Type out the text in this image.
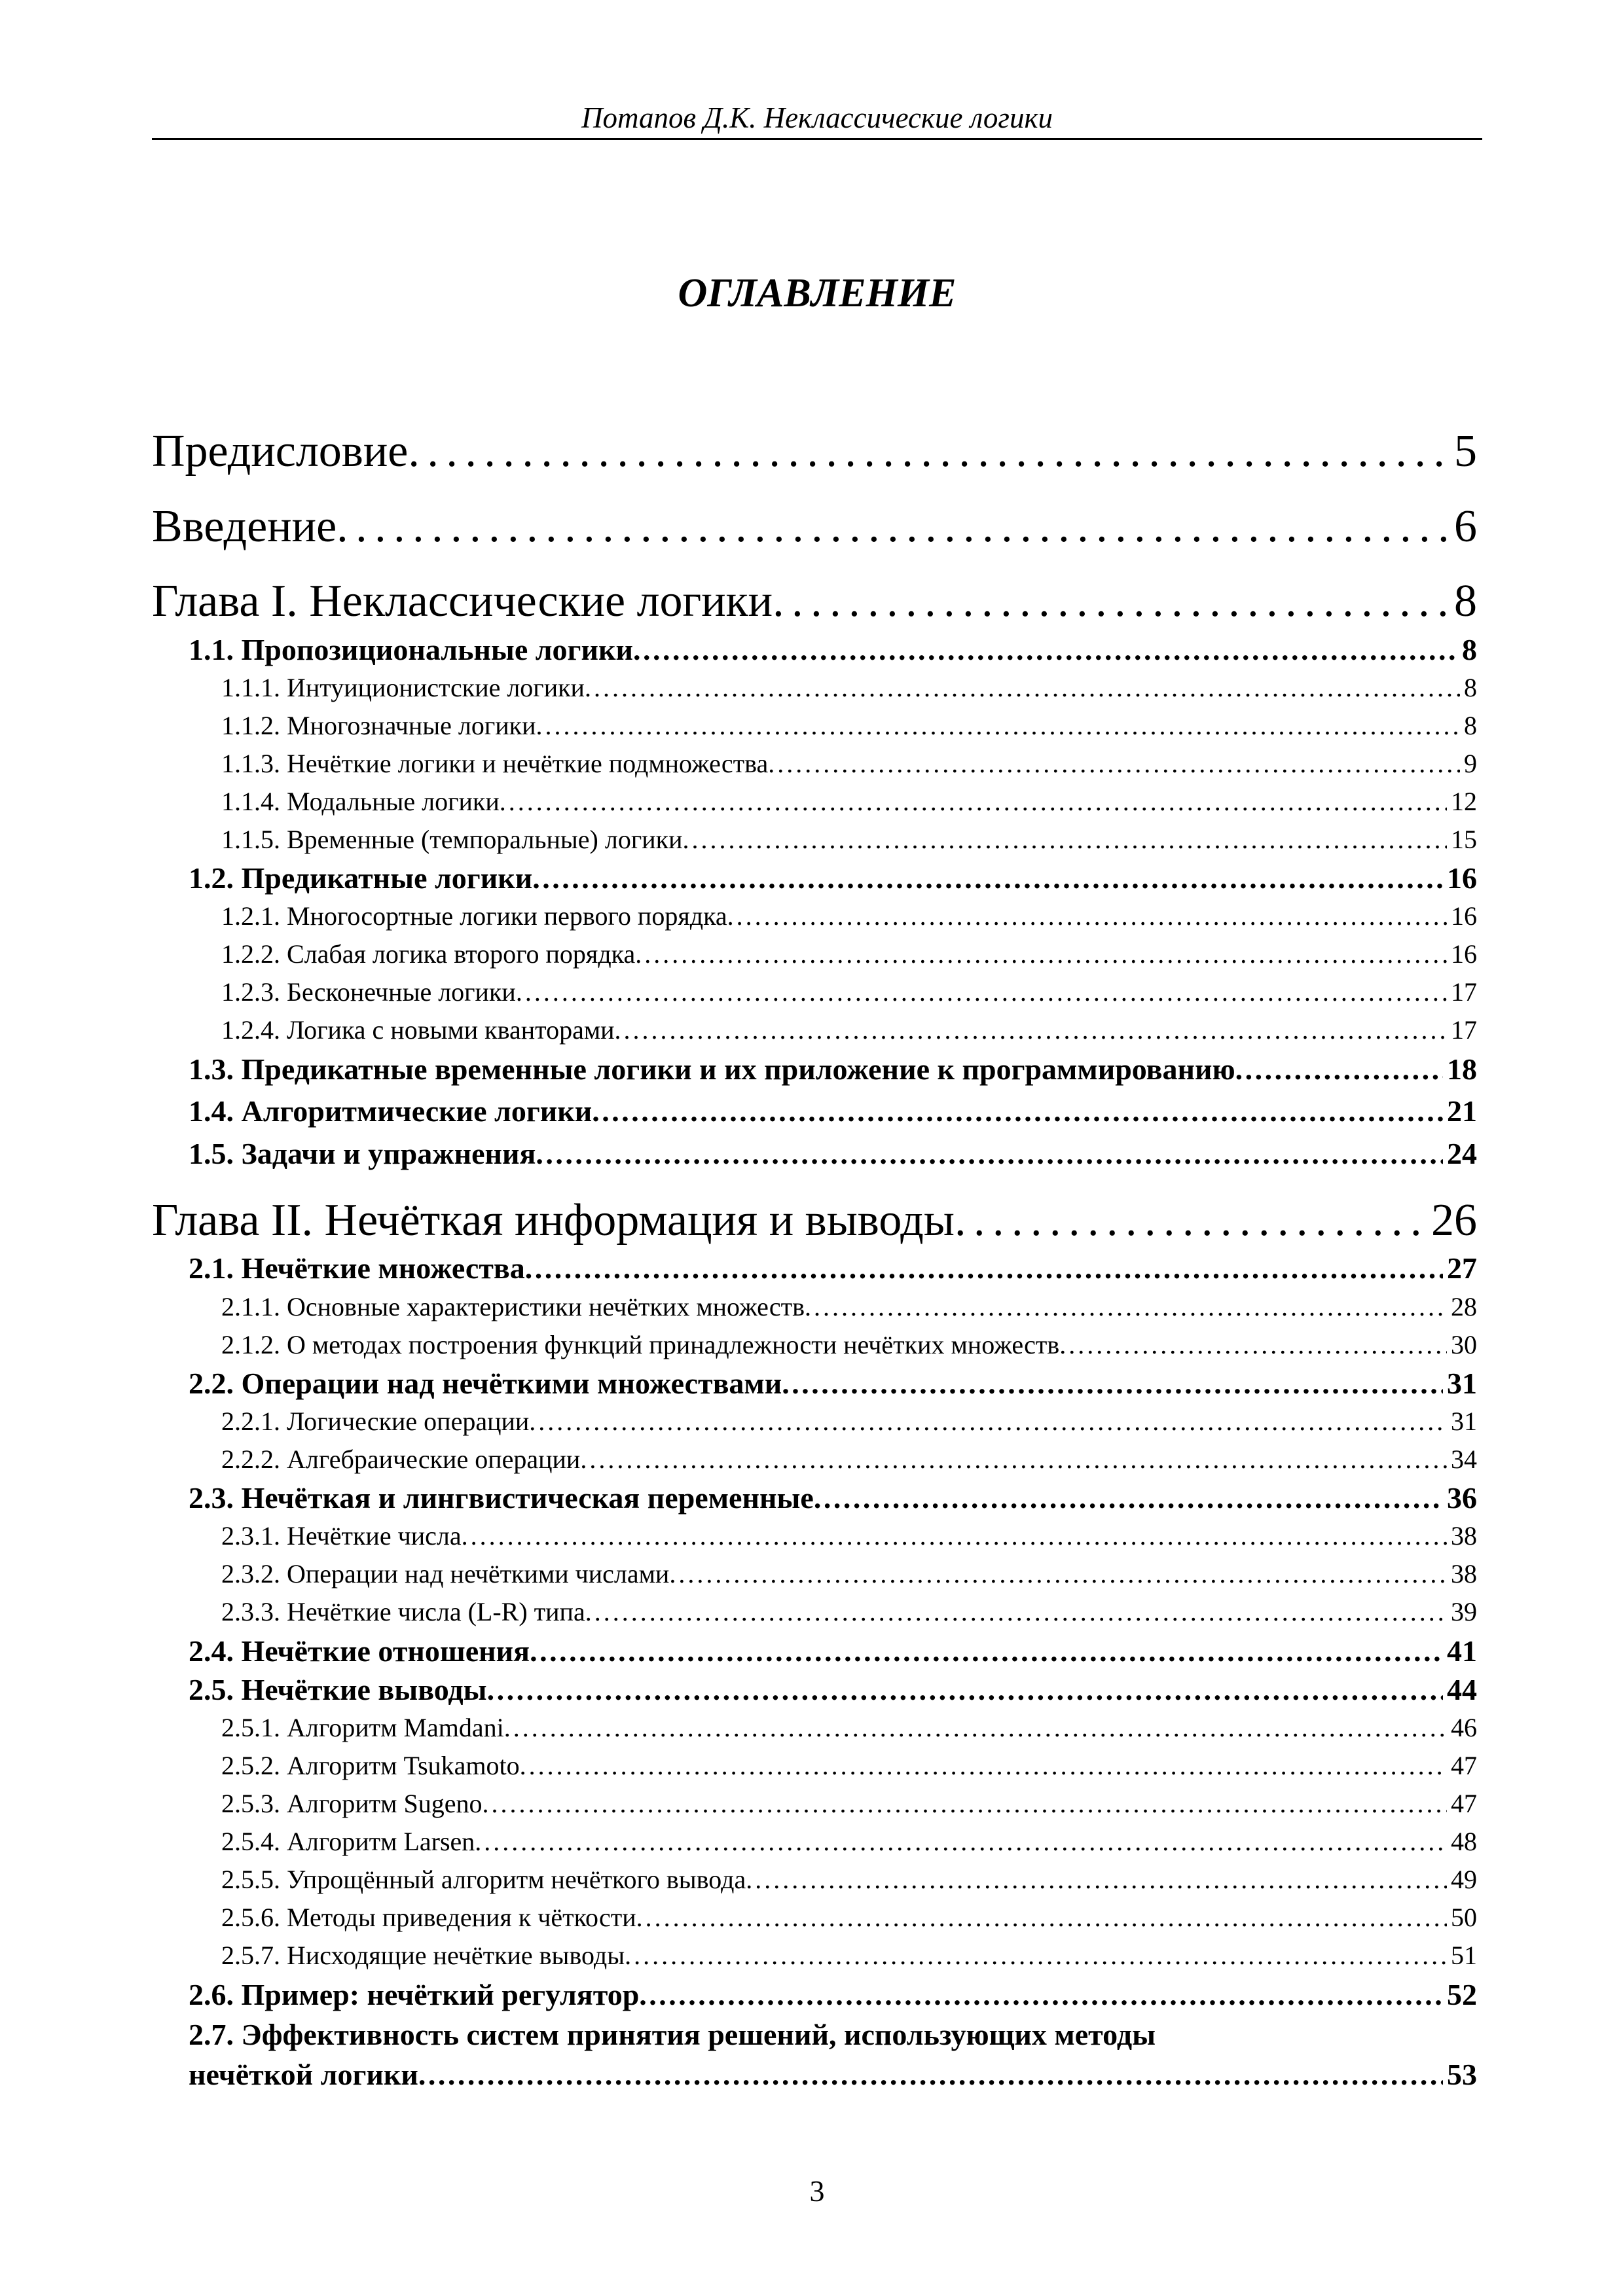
Потапов Д.К. Неклассические логики
ОГЛАВЛЕНИЕ
Предисловие . . .	5
Введение . . .	6
Глава I. Неклассические логики . . .	8
1.1. Пропозициональные логики . . .	8
1.1.1. Интуиционистские логики . . .	8
1.1.2. Многозначные логики . . .	8
1.1.3. Нечёткие логики и нечёткие подмножества . . .	9
1.1.4. Модальные логики . . .	12
1.1.5. Временные (темпоральные) логики . . .	15
1.2. Предикатные логики . . .	16
1.2.1. Многосортные логики первого порядка . . .	16
1.2.2. Слабая логика второго порядка . . .	16
1.2.3. Бесконечные логики . . .	17
1.2.4. Логика с новыми кванторами . . .	17
1.3. Предикатные временные логики и их приложение к программированию . . .	18
1.4. Алгоритмические логики . . .	21
1.5. Задачи и упражнения . . .	24
Глава II. Нечёткая информация и выводы . . .	26
2.1. Нечёткие множества . . .	27
2.1.1. Основные характеристики нечётких множеств . . .	28
2.1.2. О методах построения функций принадлежности нечётких множеств . . .	30
2.2. Операции над нечёткими множествами . . .	31
2.2.1. Логические операции . . .	31
2.2.2. Алгебраические операции . . .	34
2.3. Нечёткая и лингвистическая переменные . . .	36
2.3.1. Нечёткие числа . . .	38
2.3.2. Операции над нечёткими числами . . .	38
2.3.3. Нечёткие числа (L-R) типа . . .	39
2.4. Нечёткие отношения . . .	41
2.5. Нечёткие выводы . . .	44
2.5.1. Алгоритм Mamdani . . .	46
2.5.2. Алгоритм Tsukamoto . . .	47
2.5.3. Алгоритм Sugeno . . .	47
2.5.4. Алгоритм Larsen . . .	48
2.5.5. Упрощённый алгоритм нечёткого вывода . . .	49
2.5.6. Методы приведения к чёткости . . .	50
2.5.7. Нисходящие нечёткие выводы . . .	51
2.6. Пример: нечёткий регулятор . . .	52
2.7. Эффективность систем принятия решений, использующих методы
нечёткой логики . . .	53
3
